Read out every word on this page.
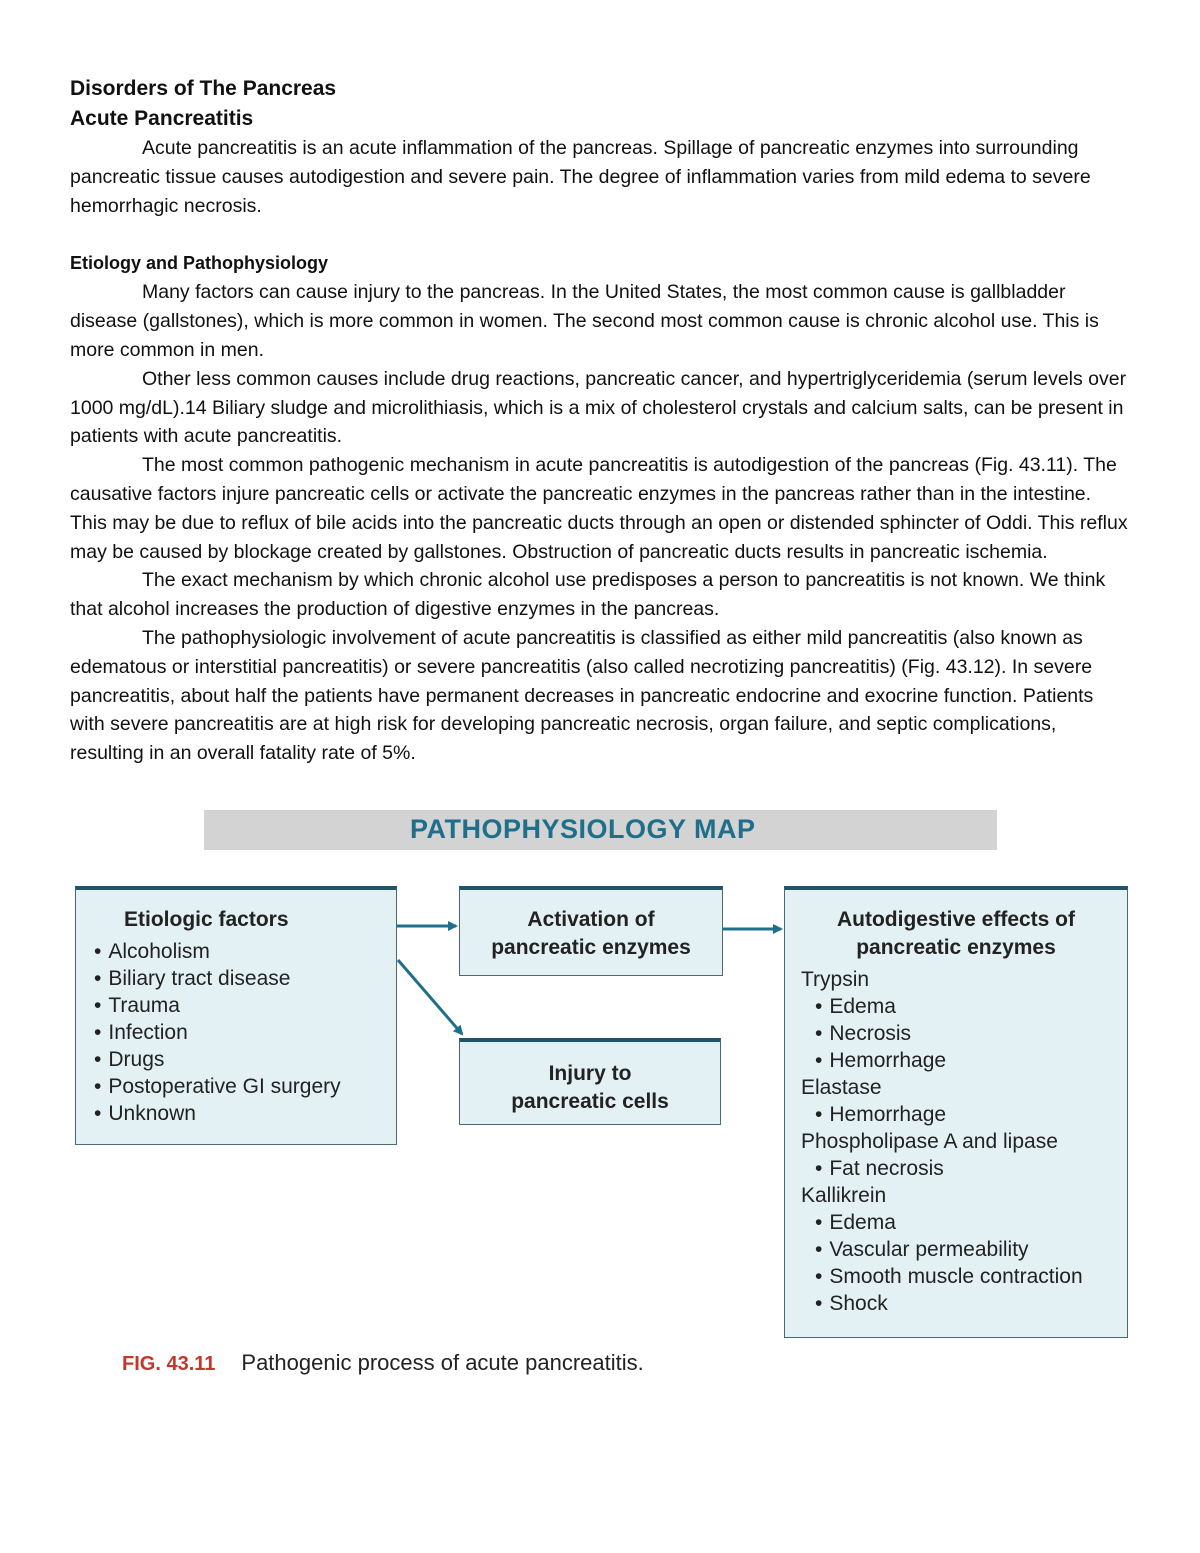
Disorders of The Pancreas

Acute Pancreatitis

Acute pancreatitis is an acute inflammation of the pancreas. Spillage of pancreatic enzymes into surrounding pancreatic tissue causes autodigestion and severe pain. The degree of inflammation varies from mild edema to severe hemorrhagic necrosis.

Etiology and Pathophysiology

Many factors can cause injury to the pancreas. In the United States, the most common cause is gallbladder disease (gallstones), which is more common in women. The second most common cause is chronic alcohol use. This is more common in men.

Other less common causes include drug reactions, pancreatic cancer, and hypertriglyceridemia (serum levels over 1000 mg/dL).14 Biliary sludge and microlithiasis, which is a mix of cholesterol crystals and calcium salts, can be present in patients with acute pancreatitis.

The most common pathogenic mechanism in acute pancreatitis is autodigestion of the pancreas (Fig. 43.11). The causative factors injure pancreatic cells or activate the pancreatic enzymes in the pancreas rather than in the intestine. This may be due to reflux of bile acids into the pancreatic ducts through an open or distended sphincter of Oddi. This reflux may be caused by blockage created by gallstones. Obstruction of pancreatic ducts results in pancreatic ischemia.

The exact mechanism by which chronic alcohol use predisposes a person to pancreatitis is not known. We think that alcohol increases the production of digestive enzymes in the pancreas.

The pathophysiologic involvement of acute pancreatitis is classified as either mild pancreatitis (also known as edematous or interstitial pancreatitis) or severe pancreatitis (also called necrotizing pancreatitis) (Fig. 43.12). In severe pancreatitis, about half the patients have permanent decreases in pancreatic endocrine and exocrine function. Patients with severe pancreatitis are at high risk for developing pancreatic necrosis, organ failure, and septic complications, resulting in an overall fatality rate of 5%.

PATHOPHYSIOLOGY MAP
Etiologic factors
• Alcoholism
• Biliary tract disease
• Trauma
• Infection
• Drugs
• Postoperative GI surgery
• Unknown
Activation of
pancreatic enzymes
Injury to
pancreatic cells
Autodigestive effects of
pancreatic enzymes
Trypsin
• Edema
• Necrosis
• Hemorrhage
Elastase
• Hemorrhage
Phospholipase A and lipase
• Fat necrosis
Kallikrein
• Edema
• Vascular permeability
• Smooth muscle contraction
• Shock
FIG. 43.11 Pathogenic process of acute pancreatitis.
